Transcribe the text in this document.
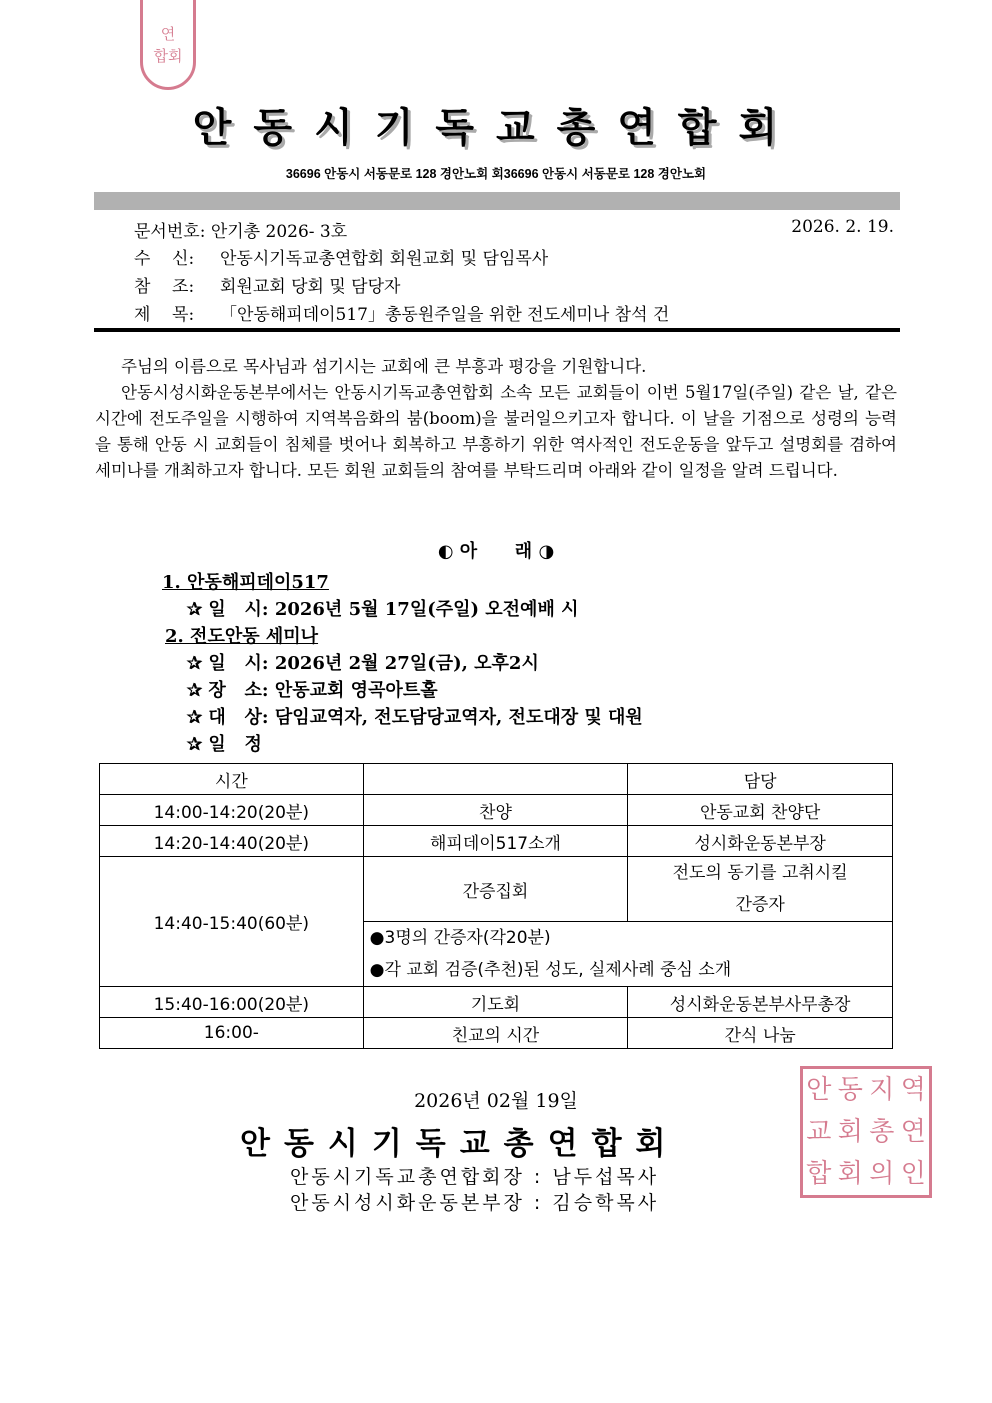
연
합회
안동시기독교총연합회
36696 안동시 서동문로 128 경안노회 회36696 안동시 서동문로 128 경안노회
문서번호: 안기총 2026- 3호	2026. 2. 19.
수    신: 안동시기독교총연합회 회원교회 및 담임목사
참    조: 회원교회 당회 및 담당자
제    목: 「안동해피데이517」총동원주일을 위한 전도세미나 참석 건

주님의 이름으로 목사님과 섬기시는 교회에 큰 부흥과 평강을 기원합니다.

안동시성시화운동본부에서는 안동시기독교총연합회 소속 모든 교회들이 이번 5월17일(주일) 같은 날, 같은 시간에 전도주일을 시행하여 지역복음화의 붐(boom)을 불러일으키고자 합니다. 이 날을 기점으로 성령의 능력을 통해 안동 시 교회들이 침체를 벗어나 회복하고 부흥하기 위한 역사적인 전도운동을 앞두고 설명회를 겸하여 세미나를 개최하고자 합니다. 모든 회원 교회들의 참여를 부탁드리며 아래와 같이 일정을 알려 드립니다.

◐ 아      래 ◑
1. 안동해피데이517
✰ 일   시: 2026년 5월 17일(주일) 오전예배 시
2. 전도안동 세미나
✰ 일   시: 2026년 2월 27일(금), 오후2시
✰ 장   소: 안동교회 영곡아트홀
✰ 대   상: 담임교역자, 전도담당교역자, 전도대장 및 대원
✰ 일   정
시간		담당
14:00-14:20(20분)	찬양	안동교회 찬양단
14:20-14:40(20분)	해피데이517소개	성시화운동본부장
14:40-15:40(60분)	간증집회	전도의 동기를 고취시킬 간증자

	●3명의 간증자(각20분)
●각 교회 검증(추천)된 성도, 실제사례 중심 소개	

15:40-16:00(20분)	기도회	성시화운동본부사무총장
16:00-	친교의 시간	간식 나눔
2026년 02월 19일
안동시기독교총연합회
안동시기독교총연합회장 : 남두섭목사
안동시성시화운동본부장 : 김승학목사
안 동 지 역
교 회 총 연
합 회 의 인
